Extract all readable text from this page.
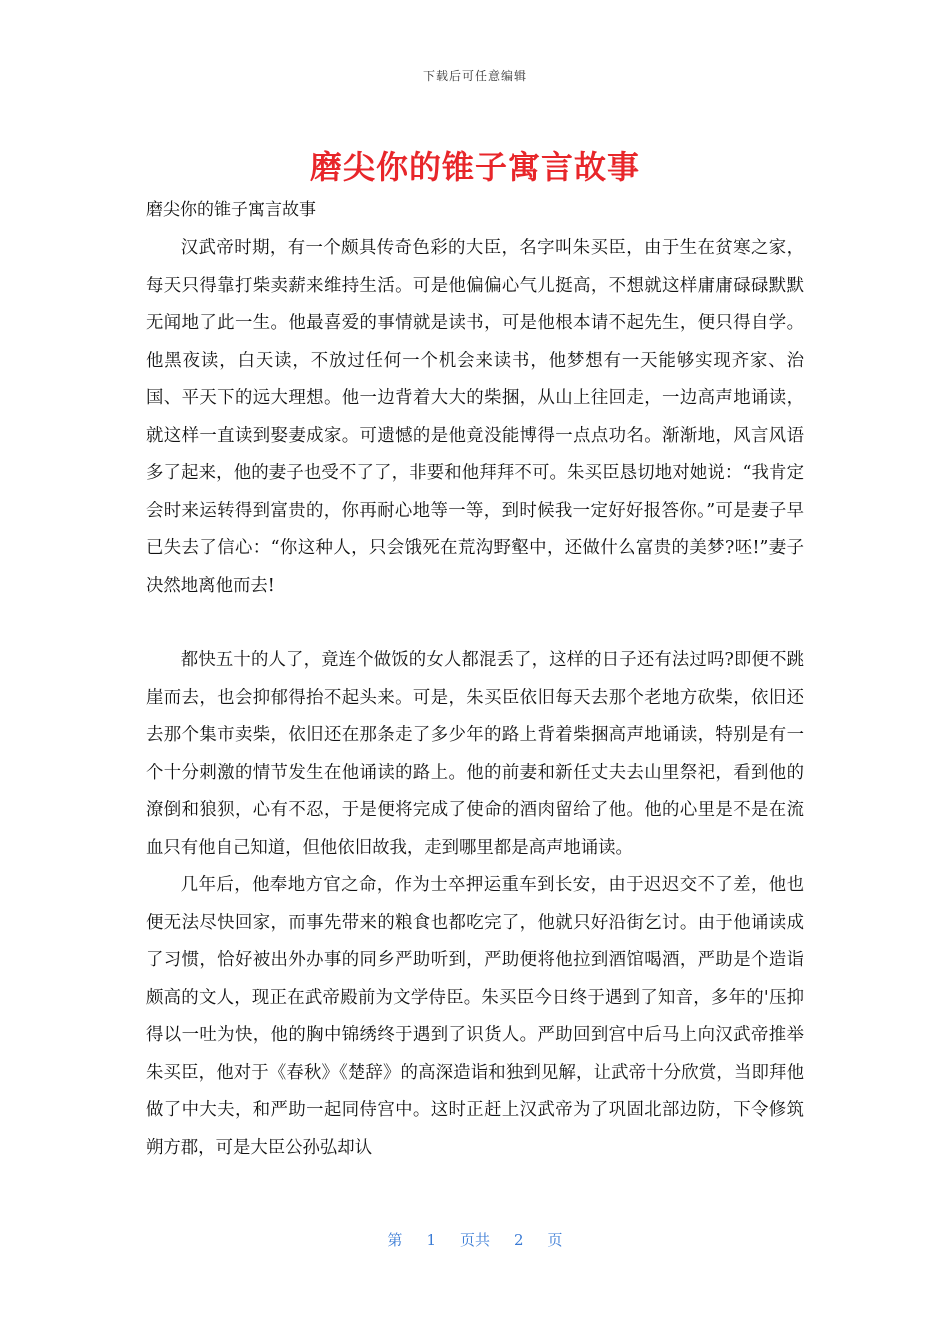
下载后可任意编辑
磨尖你的锥子寓言故事
磨尖你的锥子寓言故事

汉武帝时期，有一个颇具传奇色彩的大臣，名字叫朱买臣，由于生在贫寒之家，每天只得靠打柴卖薪来维持生活。可是他偏偏心气儿挺高，不想就这样庸庸碌碌默默无闻地了此一生。他最喜爱的事情就是读书，可是他根本请不起先生，便只得自学。他黑夜读，白天读，不放过任何一个机会来读书，他梦想有一天能够实现齐家、治国、平天下的远大理想。他一边背着大大的柴捆，从山上往回走，一边高声地诵读，就这样一直读到娶妻成家。可遗憾的是他竟没能博得一点点功名。渐渐地，风言风语多了起来，他的妻子也受不了了，非要和他拜拜不可。朱买臣恳切地对她说：“我肯定会时来运转得到富贵的，你再耐心地等一等，到时候我一定好好报答你。”可是妻子早已失去了信心：“你这种人，只会饿死在荒沟野壑中，还做什么富贵的美梦?呸!”妻子决然地离他而去!

都快五十的人了，竟连个做饭的女人都混丢了，这样的日子还有法过吗?即便不跳崖而去，也会抑郁得抬不起头来。可是，朱买臣依旧每天去那个老地方砍柴，依旧还去那个集市卖柴，依旧还在那条走了多少年的路上背着柴捆高声地诵读，特别是有一个十分刺激的情节发生在他诵读的路上。他的前妻和新任丈夫去山里祭祀，看到他的潦倒和狼狈，心有不忍，于是便将完成了使命的酒肉留给了他。他的心里是不是在流血只有他自己知道，但他依旧故我，走到哪里都是高声地诵读。

几年后，他奉地方官之命，作为士卒押运重车到长安，由于迟迟交不了差，他也便无法尽快回家，而事先带来的粮食也都吃完了，他就只好沿街乞讨。由于他诵读成了习惯，恰好被出外办事的同乡严助听到，严助便将他拉到酒馆喝酒，严助是个造诣颇高的文人，现正在武帝殿前为文学侍臣。朱买臣今日终于遇到了知音，多年的'压抑得以一吐为快，他的胸中锦绣终于遇到了识货人。严助回到宫中后马上向汉武帝推举朱买臣，他对于《春秋》《楚辞》的高深造诣和独到见解，让武帝十分欣赏，当即拜他做了中大夫，和严助一起同侍宫中。这时正赶上汉武帝为了巩固北部边防，下令修筑朔方郡，可是大臣公孙弘却认

第 1 页共 2 页
